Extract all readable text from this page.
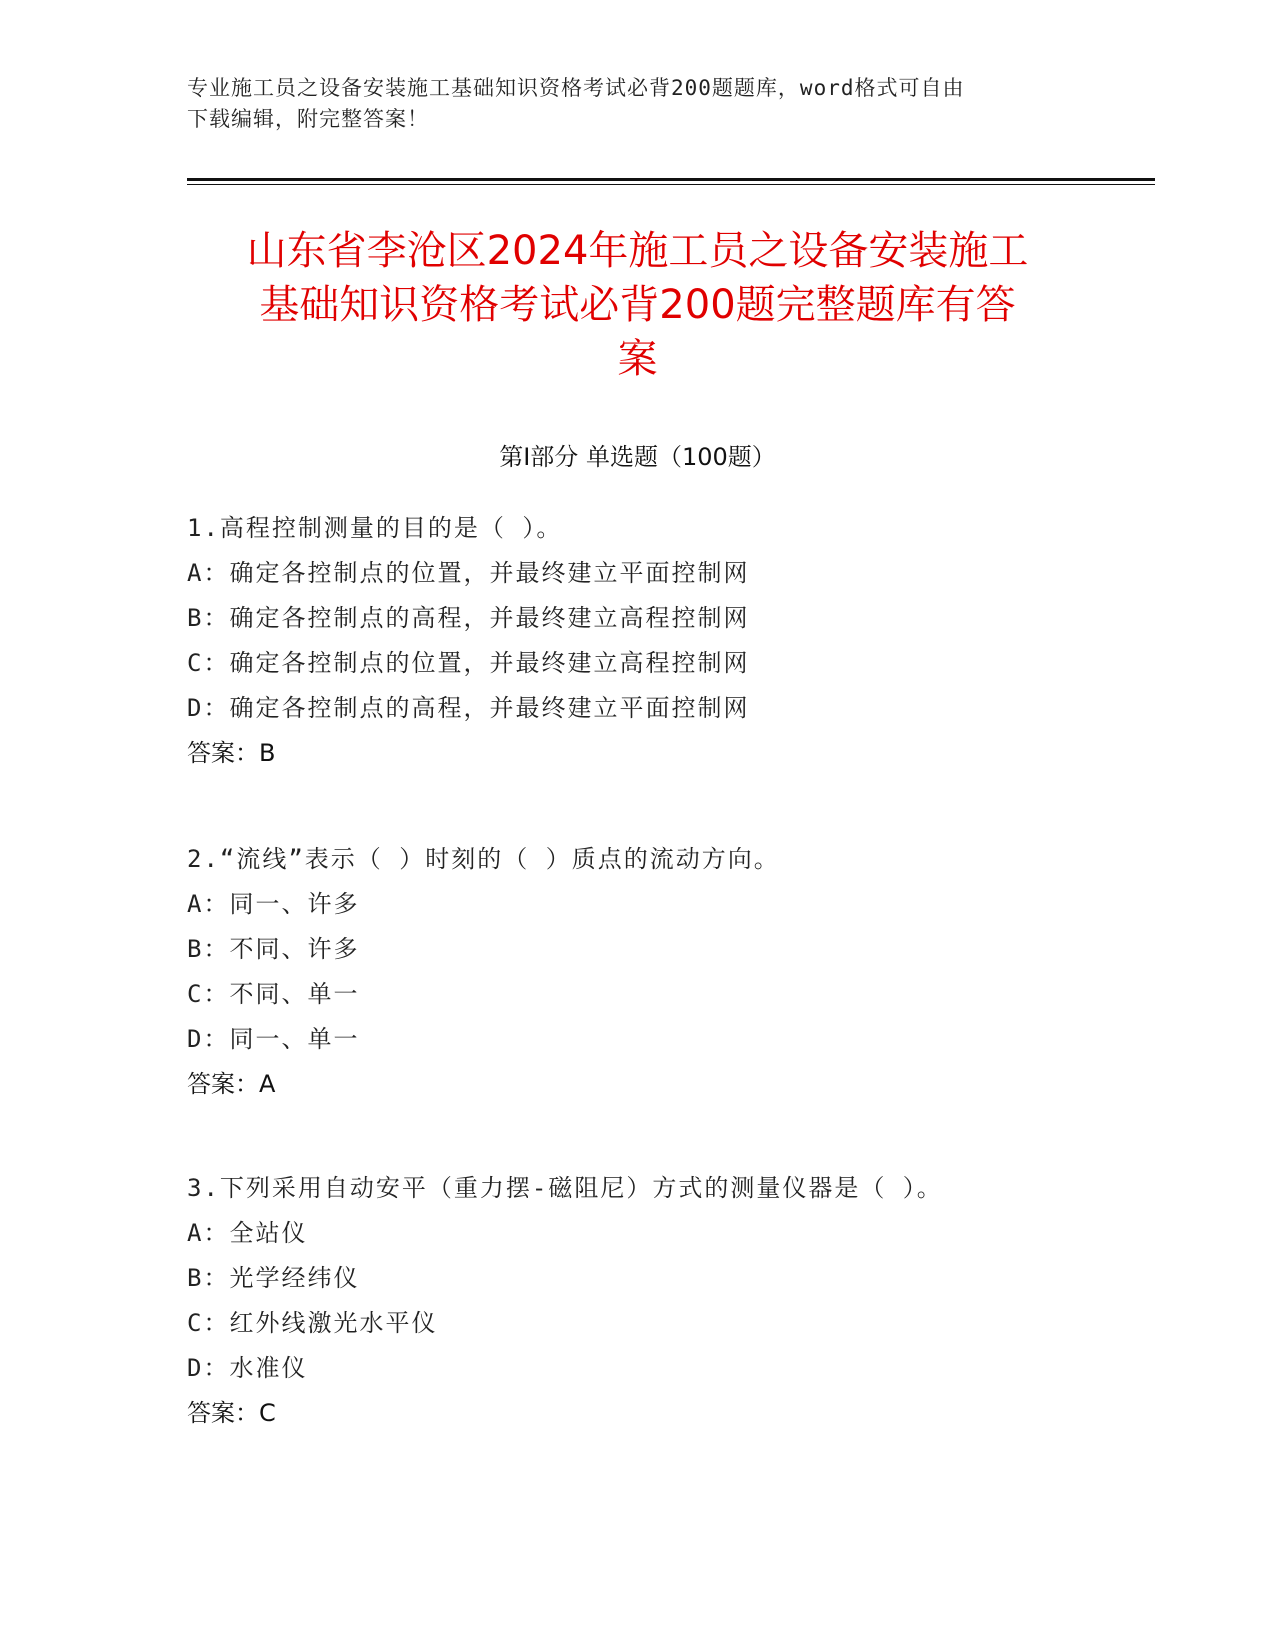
专业施工员之设备安装施工基础知识资格考试必背200题题库，word格式可自由
下载编辑，附完整答案！
山东省李沧区2024年施工员之设备安装施工
基础知识资格考试必背200题完整题库有答
案
第Ⅰ部分 单选题（100题）
1.高程控制测量的目的是（ ）。
A：确定各控制点的位置，并最终建立平面控制网
B：确定各控制点的高程，并最终建立高程控制网
C：确定各控制点的位置，并最终建立高程控制网
D：确定各控制点的高程，并最终建立平面控制网
答案：B
2.“流线”表示（ ）时刻的（ ）质点的流动方向。
A：同一、许多
B：不同、许多
C：不同、单一
D：同一、单一
答案：A
3.下列采用自动安平（重力摆-磁阻尼）方式的测量仪器是（ ）。
A：全站仪
B：光学经纬仪
C：红外线激光水平仪
D：水准仪
答案：C
